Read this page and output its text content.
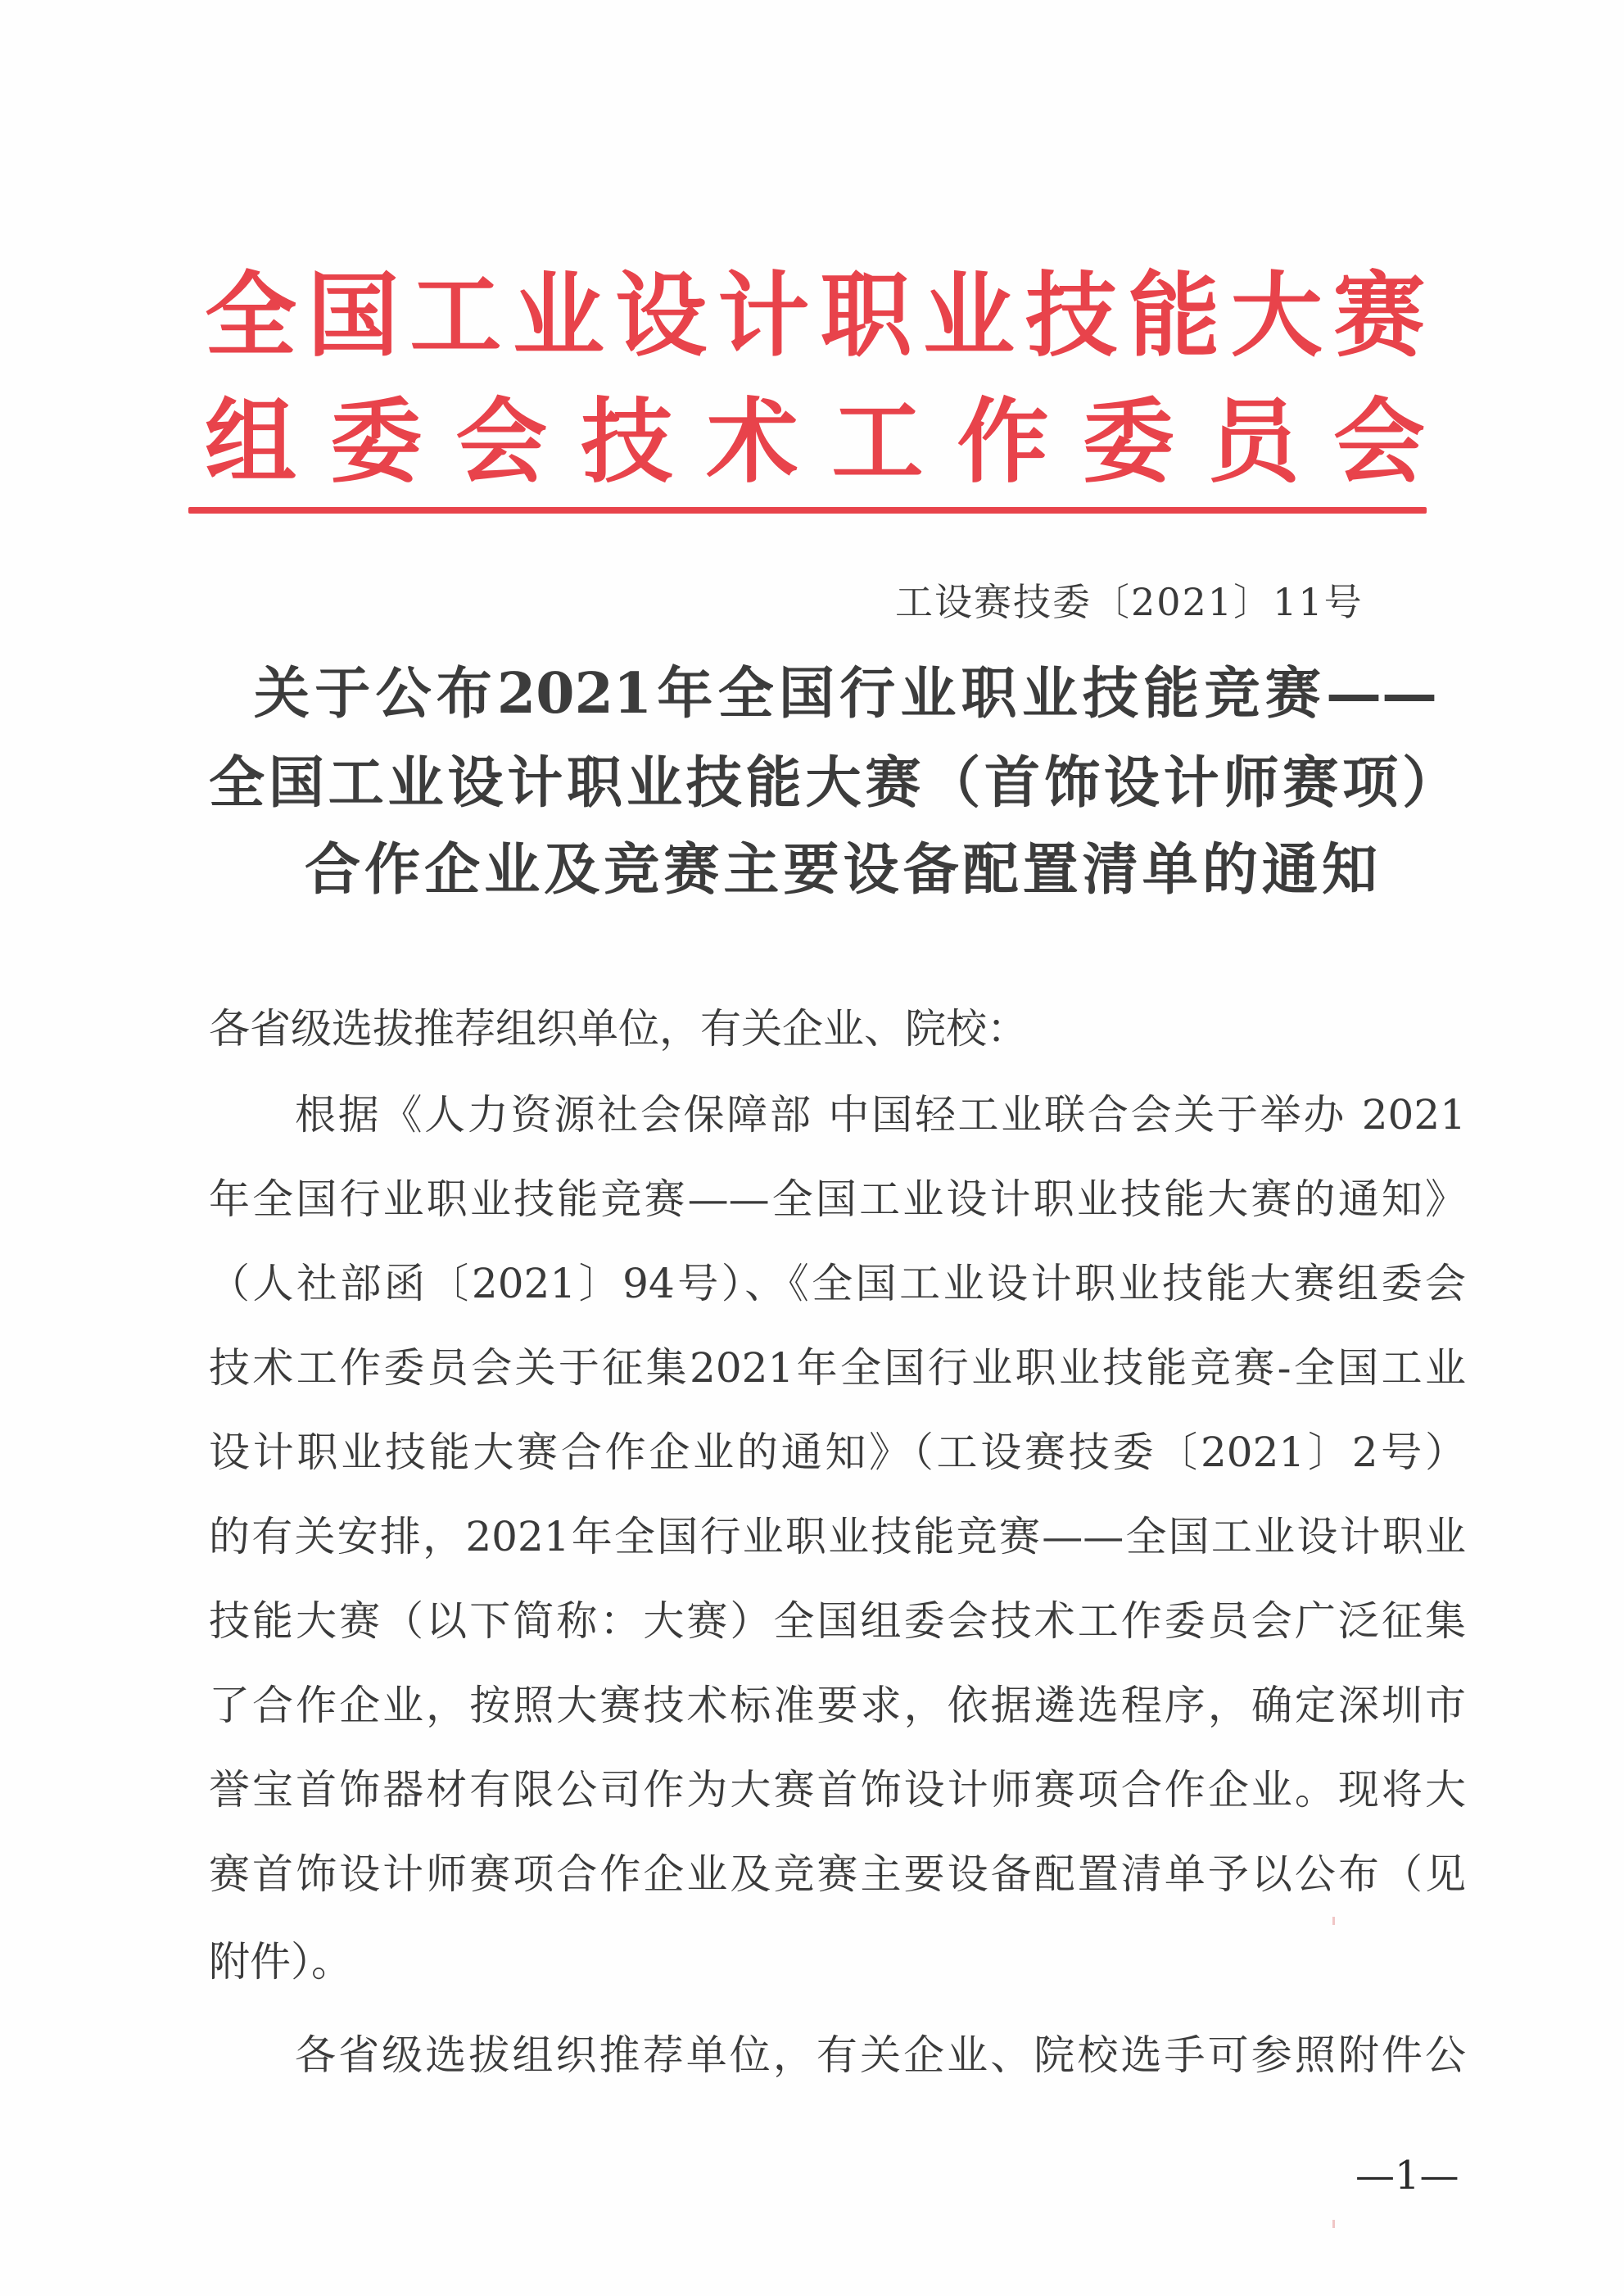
全国工业设计职业技能大赛
组委会技术工作委员会
工设赛技委〔2021〕11号
关于公布2021年全国行业职业技能竞赛——
全国工业设计职业技能大赛（首饰设计师赛项）
合作企业及竞赛主要设备配置清单的通知
各省级选拔推荐组织单位，有关企业、院校：
根据《人力资源社会保障部 中国轻工业联合会关于举办 2021
年全国行业职业技能竞赛——全国工业设计职业技能大赛的通知》
（人社部函〔2021〕94号）、《全国工业设计职业技能大赛组委会
技术工作委员会关于征集2021年全国行业职业技能竞赛-全国工业
设计职业技能大赛合作企业的通知》（工设赛技委〔2021〕2号）
的有关安排，2021年全国行业职业技能竞赛——全国工业设计职业
技能大赛（以下简称：大赛）全国组委会技术工作委员会广泛征集
了合作企业，按照大赛技术标准要求，依据遴选程序，确定深圳市
誉宝首饰器材有限公司作为大赛首饰设计师赛项合作企业。现将大
赛首饰设计师赛项合作企业及竞赛主要设备配置清单予以公布（见
附件）。
各省级选拔组织推荐单位，有关企业、院校选手可参照附件公
—1—
